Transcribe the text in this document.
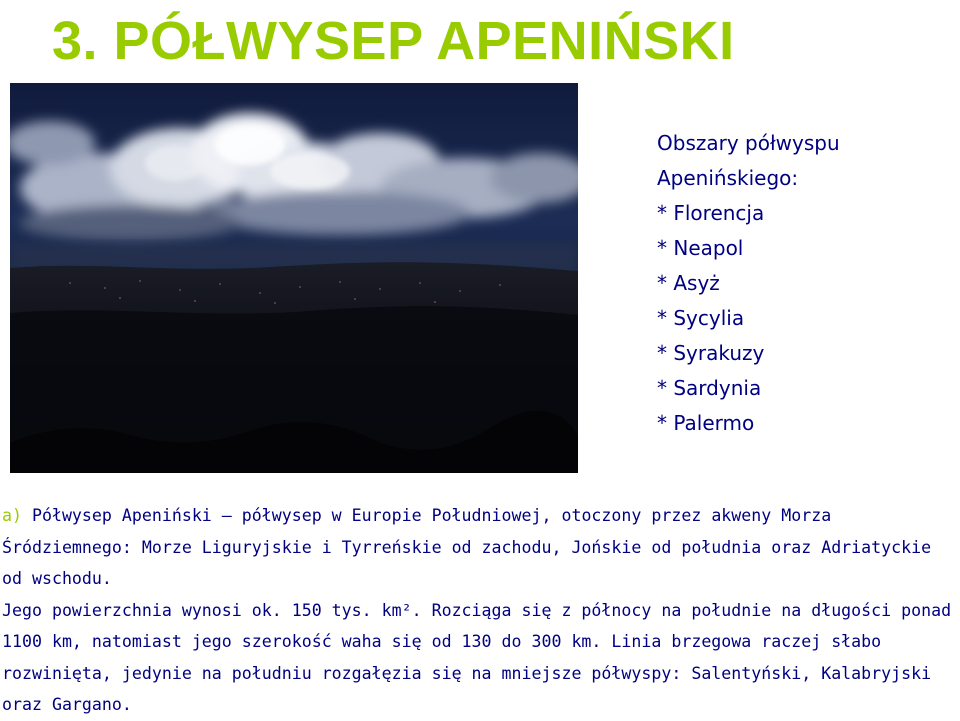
3. PÓŁWYSEP APENIŃSKI
Obszary półwyspu
Apenińskiego:
* Florencja
* Neapol
* Asyż
* Sycylia
* Syrakuzy
* Sardynia
* Palermo

a) Półwysep Apeniński – półwysep w Europie Południowej, otoczony przez akweny Morza Śródziemnego: Morze Liguryjskie i Tyrreńskie od zachodu, Jońskie od południa oraz Adriatyckie od wschodu.

Jego powierzchnia wynosi ok. 150 tys. km². Rozciąga się z północy na południe na długości ponad 1100 km, natomiast jego szerokość waha się od 130 do 300 km. Linia brzegowa raczej słabo rozwinięta, jedynie na południu rozgałęzia się na mniejsze półwyspy: Salentyński, Kalabryjski oraz Gargano.
